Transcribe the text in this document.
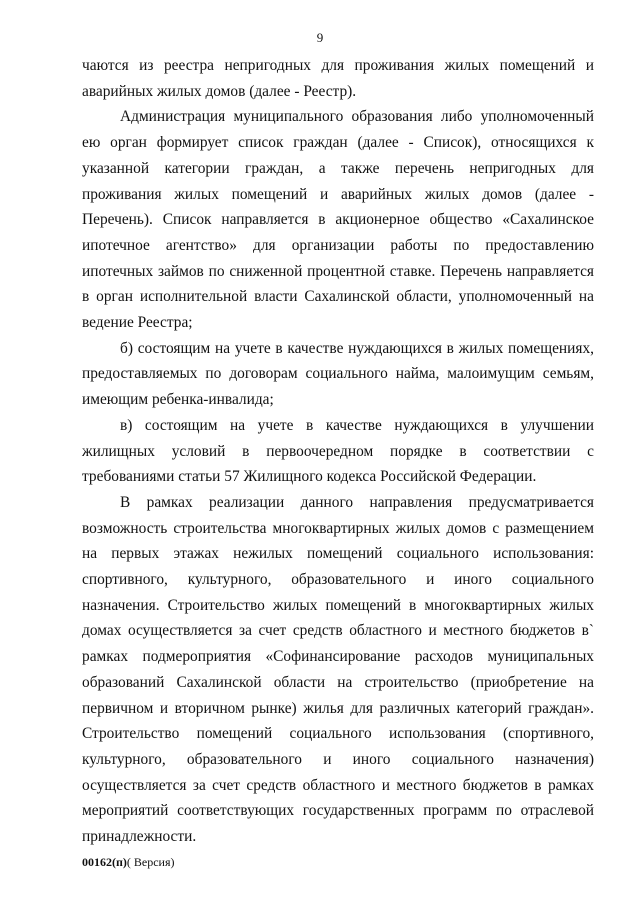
9

чаются из реестра непригодных для проживания жилых помещений и аварийных жилых домов (далее - Реестр).

Администрация муниципального образования либо уполномоченный ею орган формирует список граждан (далее - Список), относящихся к указанной категории граждан, а также перечень непригодных для проживания жилых помещений и аварийных жилых домов (далее - Перечень). Список направляется в акционерное общество «Сахалинское ипотечное агентство» для организации работы по предоставлению ипотечных займов по сниженной процентной ставке. Перечень направляется в орган исполнительной власти Сахалинской области, уполномоченный на ведение Реестра;

б) состоящим на учете в качестве нуждающихся в жилых помещениях, предоставляемых по договорам социального найма, малоимущим семьям, имеющим ребенка-инвалида;

в) состоящим на учете в качестве нуждающихся в улучшении жилищных условий в первоочередном порядке в соответствии с требованиями статьи 57 Жилищного кодекса Российской Федерации.

В рамках реализации данного направления предусматривается возможность строительства многоквартирных жилых домов с размещением на первых этажах нежилых помещений социального использования: спортивного, культурного, образовательного и иного социального назначения. Строительство жилых помещений в многоквартирных жилых домах осуществляется за счет средств областного и местного бюджетов в` рамках подмероприятия «Софинансирование расходов муниципальных образований Сахалинской области на строительство (приобретение на первичном и вторичном рынке) жилья для различных категорий граждан». Строительство помещений социального использования (спортивного, культурного, образовательного и иного социального назначения) осуществляется за счет средств областного и местного бюджетов в рамках мероприятий соответствующих государственных программ по отраслевой принадлежности.

00162(п)( Версия)
